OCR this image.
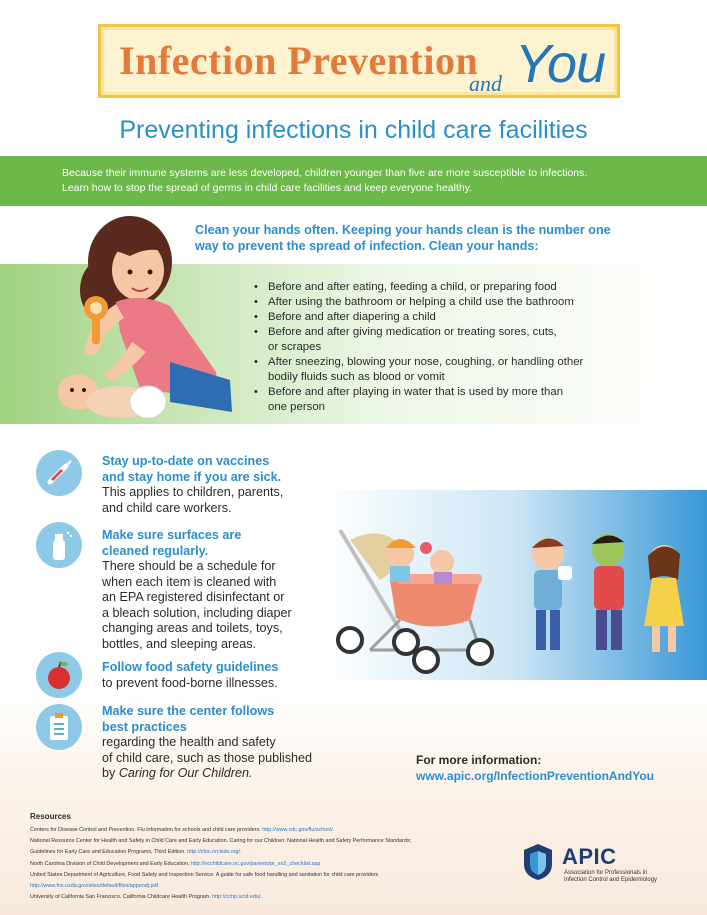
Infection Prevention
and You
Preventing infections in child care facilities

Because their immune systems are less developed, children younger than five are more susceptible to infections.
Learn how to stop the spread of germs in child care facilities and keep everyone healthy.

Clean your hands often. Keeping your hands clean is the number one
way to prevent the spread of infection. Clean your hands:
• Before and after eating, feeding a child, or preparing food
• After using the bathroom or helping a child use the bathroom
• Before and after diapering a child
• Before and after giving medication or treating sores, cuts,
or scrapes
• After sneezing, blowing your nose, coughing, or handling other
bodily fluids such as blood or vomit
• Before and after playing in water that is used by more than
one person
Stay up-to-date on vaccines
and stay home if you are sick.
This applies to children, parents,
and child care workers.
Make sure surfaces are
cleaned regularly.
There should be a schedule for
when each item is cleaned with
an EPA registered disinfectant or
a bleach solution, including diaper
changing areas and toilets, toys,
bottles, and sleeping areas.
Follow food safety guidelines
to prevent food-borne illnesses.
Make sure the center follows
best practices
regarding the health and safety
of child care, such as those published
by Caring for Our Children.
For more information:
www.apic.org/InfectionPreventionAndYou
Resources
Centers for Disease Control and Prevention. Flu information for schools and child care providers. http://www.cdc.gov/flu/school/.
National Resource Center for Health and Safety in Child Care and Early Education. Caring for our Children: National Health and Safety Performance Standards;
Guidelines for Early Care and Education Programs, Third Edition. http://cfoc.nrckids.org/.
North Carolina Division of Child Development and Early Education. http://ncchildcare.nc.gov/parents/pr_sn2_checklist.asp
United States Department of Agriculture, Food Safety and Inspection Service. A guide for safe food handling and sanitation for child care providers
http://www.fns.usda.gov/sites/default/files/appendj.pdf.
University of California San Francisco. California Childcare Health Program. http://cchp.ucsf.edu/.
APIC
Association for Professionals in
Infection Control and Epidemiology
